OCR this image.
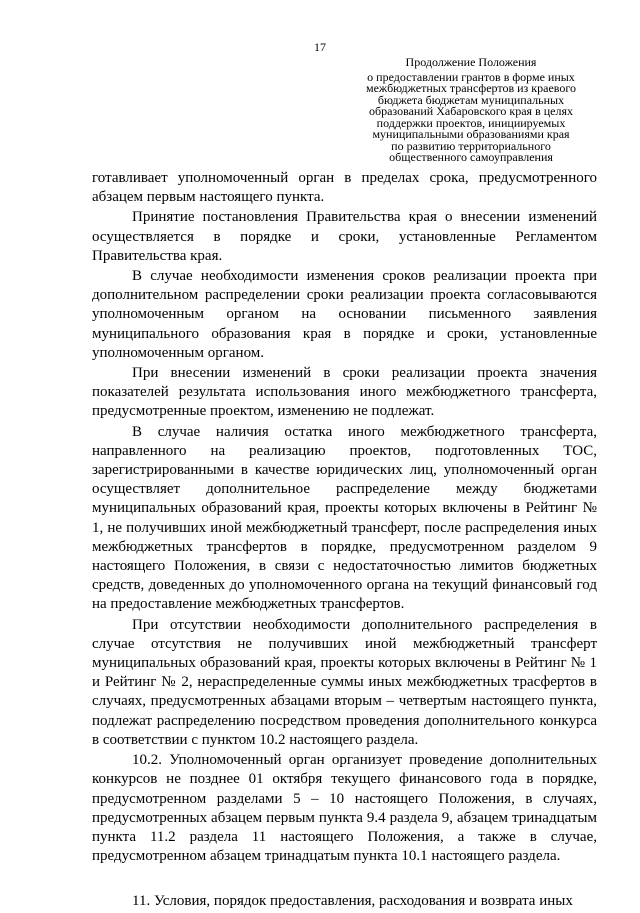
17
Продолжение Положения
о предоставлении грантов в форме иных
межбюджетных трансфертов из краевого
бюджета бюджетам муниципальных
образований Хабаровского края в целях
поддержки проектов, инициируемых
муниципальными образованиями края
по развитию территориального
общественного самоуправления

готавливает уполномоченный орган в пределах срока, предусмотренного абзацем первым настоящего пункта.

Принятие постановления Правительства края о внесении изменений осуществляется в порядке и сроки, установленные Регламентом Правительства края.

В случае необходимости изменения сроков реализации проекта при дополнительном распределении сроки реализации проекта согласовываются уполномоченным органом на основании письменного заявления муниципального образования края в порядке и сроки, установленные уполномоченным органом.

При внесении изменений в сроки реализации проекта значения показателей результата использования иного межбюджетного трансферта, предусмотренные проектом, изменению не подлежат.

В случае наличия остатка иного межбюджетного трансферта, направленного на реализацию проектов, подготовленных ТОС, зарегистрированными в качестве юридических лиц, уполномоченный орган осуществляет дополнительное распределение между бюджетами муниципальных образований края, проекты которых включены в Рейтинг № 1, не получивших иной межбюджетный трансферт, после распределения иных межбюджетных трансфертов в порядке, предусмотренном разделом 9 настоящего Положения, в связи с недостаточностью лимитов бюджетных средств, доведенных до уполномоченного органа на текущий финансовый год на предоставление межбюджетных трансфертов.

При отсутствии необходимости дополнительного распределения в случае отсутствия не получивших иной межбюджетный трансферт муниципальных образований края, проекты которых включены в Рейтинг № 1 и Рейтинг № 2, нераспределенные суммы иных межбюджетных трасфертов в случаях, предусмотренных абзацами вторым – четвертым настоящего пункта, подлежат распределению посредством проведения дополнительного конкурса в соответствии с пунктом 10.2 настоящего раздела.

10.2. Уполномоченный орган организует проведение дополнительных конкурсов не позднее 01 октября текущего финансового года в порядке, предусмотренном разделами 5 – 10 настоящего Положения, в случаях, предусмотренных абзацем первым пункта 9.4 раздела 9, абзацем тринадцатым пункта 11.2 раздела 11 настоящего Положения, а также в случае, предусмотренном абзацем тринадцатым пункта 10.1 настоящего раздела.

11. Условия, порядок предоставления, расходования и возврата иных
